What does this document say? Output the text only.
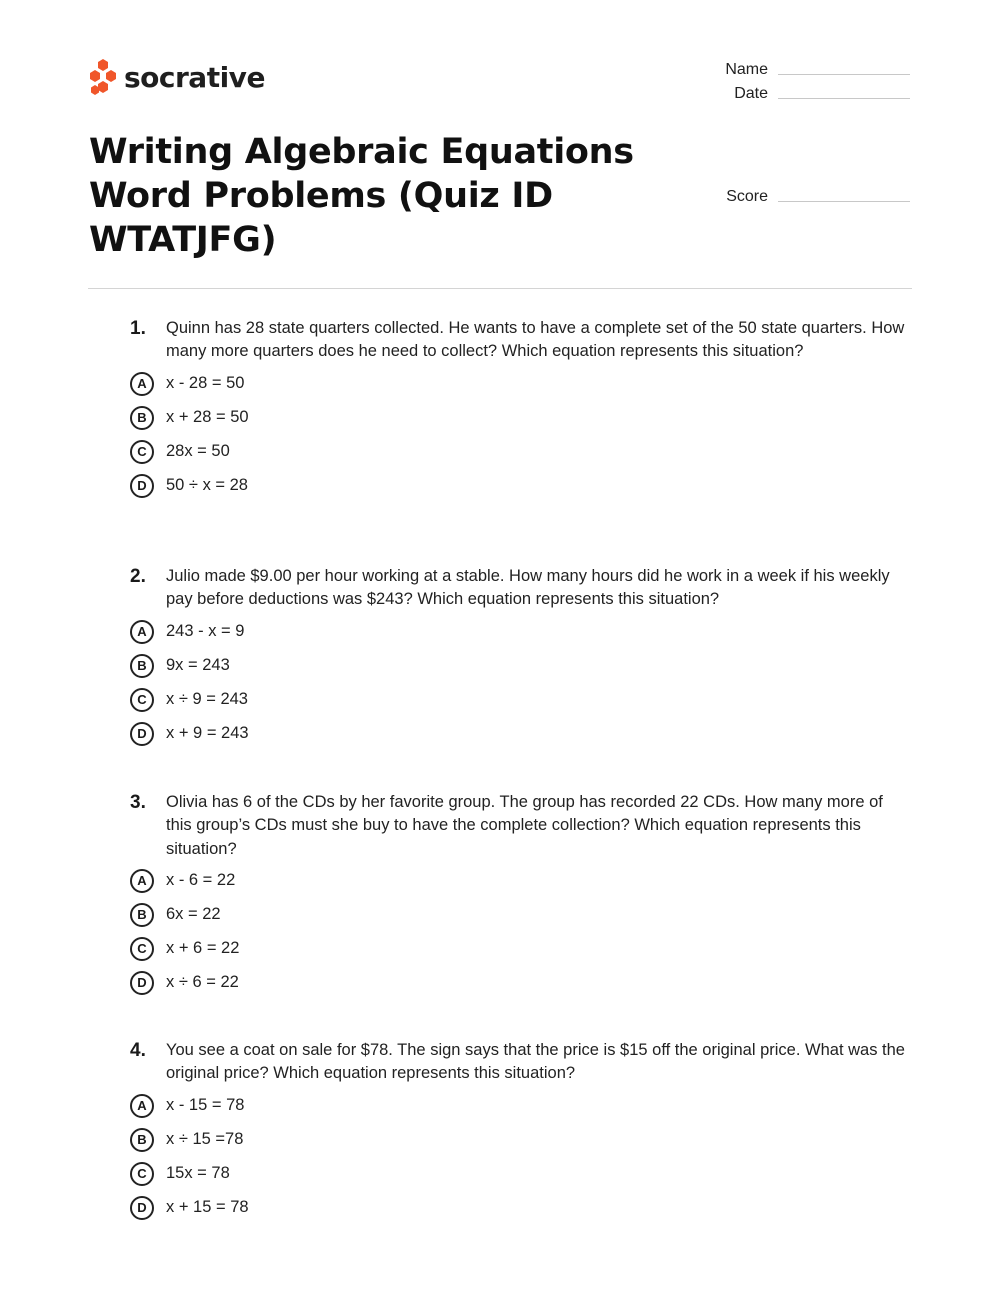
socrative	Name
Date
Score
Writing Algebraic Equations Word Problems (Quiz ID WTATJFG)
1.	Quinn has 28 state quarters collected. He wants to have a complete set of the 50 state quarters. How many more quarters does he need to collect? Which equation represents this situation?
A	x - 28 = 50
B	x + 28 = 50
C	28x = 50
D	50 ÷ x = 28
2.	Julio made $9.00 per hour working at a stable. How many hours did he work in a week if his weekly pay before deductions was $243? Which equation represents this situation?
A	243 - x = 9
B	9x = 243
C	x ÷ 9 = 243
D	x + 9 = 243
3.	Olivia has 6 of the CDs by her favorite group. The group has recorded 22 CDs. How many more of this group’s CDs must she buy to have the complete collection? Which equation represents this situation?
A	x - 6 = 22
B	6x = 22
C	x + 6 = 22
D	x ÷ 6 = 22
4.	You see a coat on sale for $78. The sign says that the price is $15 off the original price. What was the original price? Which equation represents this situation?
A	x - 15 = 78
B	x ÷ 15 =78
C	15x = 78
D	x + 15 = 78
